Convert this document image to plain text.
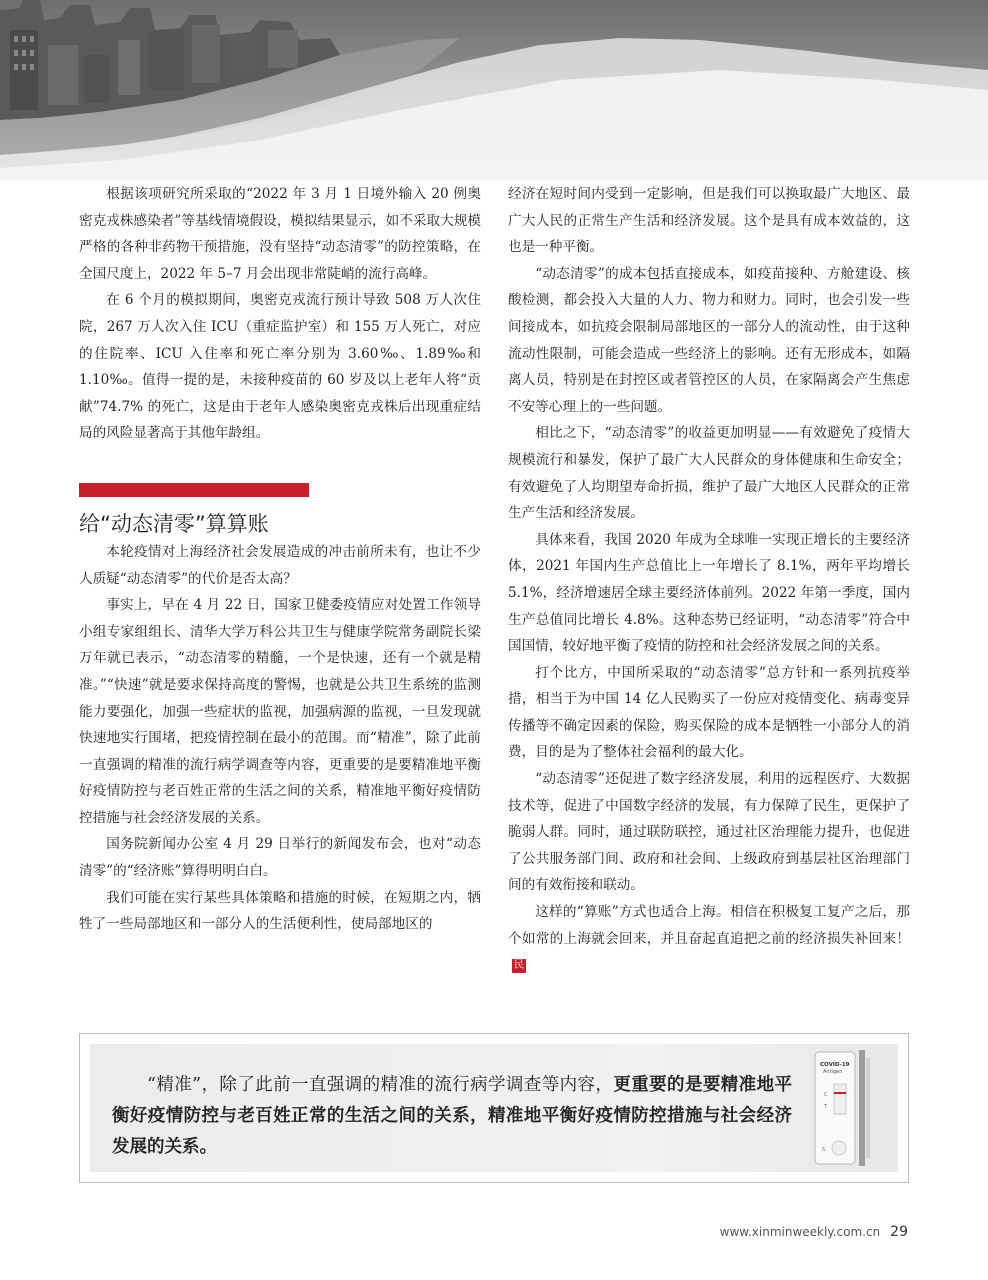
根据该项研究所采取的“2022 年 3 月 1 日境外输入 20 例奥密克戎株感染者”等基线情境假设，模拟结果显示，如不采取大规模严格的各种非药物干预措施，没有坚持“动态清零”的防控策略，在全国尺度上，2022 年 5–7 月会出现非常陡峭的流行高峰。

在 6 个月的模拟期间，奥密克戎流行预计导致 508 万人次住院，267 万人次入住 ICU（重症监护室）和 155 万人死亡，对应的住院率、ICU 入住率和死亡率分别为 3.60‰、1.89‰和 1.10‰。值得一提的是，未接种疫苗的 60 岁及以上老年人将“贡献”74.7% 的死亡，这是由于老年人感染奥密克戎株后出现重症结局的风险显著高于其他年龄组。

给“动态清零”算算账

本轮疫情对上海经济社会发展造成的冲击前所未有，也让不少人质疑“动态清零”的代价是否太高？

事实上，早在 4 月 22 日，国家卫健委疫情应对处置工作领导小组专家组组长、清华大学万科公共卫生与健康学院常务副院长梁万年就已表示，“动态清零的精髓，一个是快速，还有一个就是精准。”“快速”就是要求保持高度的警惕，也就是公共卫生系统的监测能力要强化，加强一些症状的监视，加强病源的监视，一旦发现就快速地实行围堵，把疫情控制在最小的范围。而“精准”，除了此前一直强调的精准的流行病学调查等内容，更重要的是要精准地平衡好疫情防控与老百姓正常的生活之间的关系，精准地平衡好疫情防控措施与社会经济发展的关系。

国务院新闻办公室 4 月 29 日举行的新闻发布会，也对“动态清零”的“经济账”算得明明白白。

我们可能在实行某些具体策略和措施的时候，在短期之内，牺牲了一些局部地区和一部分人的生活便利性，使局部地区的

经济在短时间内受到一定影响，但是我们可以换取最广大地区、最广大人民的正常生产生活和经济发展。这个是具有成本效益的，这也是一种平衡。

“动态清零”的成本包括直接成本，如疫苗接种、方舱建设、核酸检测，都会投入大量的人力、物力和财力。同时，也会引发一些间接成本，如抗疫会限制局部地区的一部分人的流动性，由于这种流动性限制，可能会造成一些经济上的影响。还有无形成本，如隔离人员，特别是在封控区或者管控区的人员，在家隔离会产生焦虑不安等心理上的一些问题。

相比之下，“动态清零”的收益更加明显——有效避免了疫情大规模流行和暴发，保护了最广大人民群众的身体健康和生命安全；有效避免了人均期望寿命折损，维护了最广大地区人民群众的正常生产生活和经济发展。

具体来看，我国 2020 年成为全球唯一实现正增长的主要经济体，2021 年国内生产总值比上一年增长了 8.1%，两年平均增长 5.1%，经济增速居全球主要经济体前列。2022 年第一季度，国内生产总值同比增长 4.8%。这种态势已经证明，“动态清零”符合中国国情，较好地平衡了疫情的防控和社会经济发展之间的关系。

打个比方，中国所采取的“动态清零”总方针和一系列抗疫举措，相当于为中国 14 亿人民购买了一份应对疫情变化、病毒变异传播等不确定因素的保险，购买保险的成本是牺牲一小部分人的消费，目的是为了整体社会福利的最大化。

“动态清零”还促进了数字经济发展，利用的远程医疗、大数据技术等，促进了中国数字经济的发展，有力保障了民生，更保护了脆弱人群。同时，通过联防联控，通过社区治理能力提升，也促进了公共服务部门间、政府和社会间、上级政府到基层社区治理部门间的有效衔接和联动。

这样的“算账”方式也适合上海。相信在积极复工复产之后，那个如常的上海就会回来，并且奋起直追把之前的经济损失补回来！民

“精准”，除了此前一直强调的精准的流行病学调查等内容，更重要的是要精准地平衡好疫情防控与老百姓正常的生活之间的关系，精准地平衡好疫情防控措施与社会经济发展的关系。
COVID-19
Antigen
C
T
S
www.xinminweekly.com.cn 29
